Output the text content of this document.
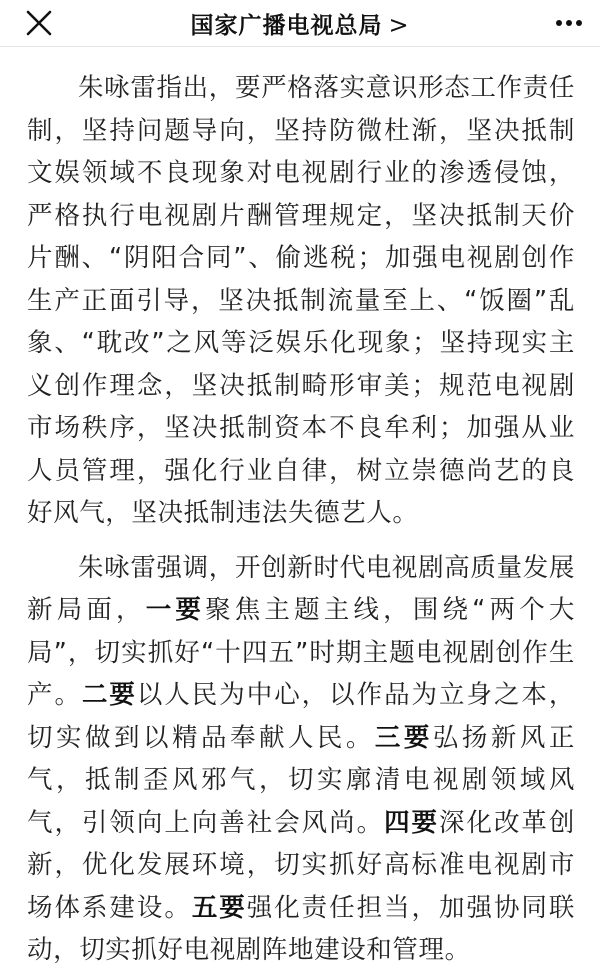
国家广播电视总局 >

朱咏雷指出，要严格落实意识形态工作责任制，坚持问题导向，坚持防微杜渐，坚决抵制文娱领域不良现象对电视剧行业的渗透侵蚀，严格执行电视剧片酬管理规定，坚决抵制天价片酬、“阴阳合同”、偷逃税；加强电视剧创作生产正面引导，坚决抵制流量至上、“饭圈”乱象、“耽改”之风等泛娱乐化现象；坚持现实主义创作理念，坚决抵制畸形审美；规范电视剧市场秩序，坚决抵制资本不良牟利；加强从业人员管理，强化行业自律，树立崇德尚艺的良好风气，坚决抵制违法失德艺人。

朱咏雷强调，开创新时代电视剧高质量发展新局面，一要聚焦主题主线，围绕“两个大局”，切实抓好“十四五”时期主题电视剧创作生产。二要以人民为中心，以作品为立身之本，切实做到以精品奉献人民。三要弘扬新风正气，抵制歪风邪气，切实廓清电视剧领域风气，引领向上向善社会风尚。四要深化改革创新，优化发展环境，切实抓好高标准电视剧市场体系建设。五要强化责任担当，加强协同联动，切实抓好电视剧阵地建设和管理。
